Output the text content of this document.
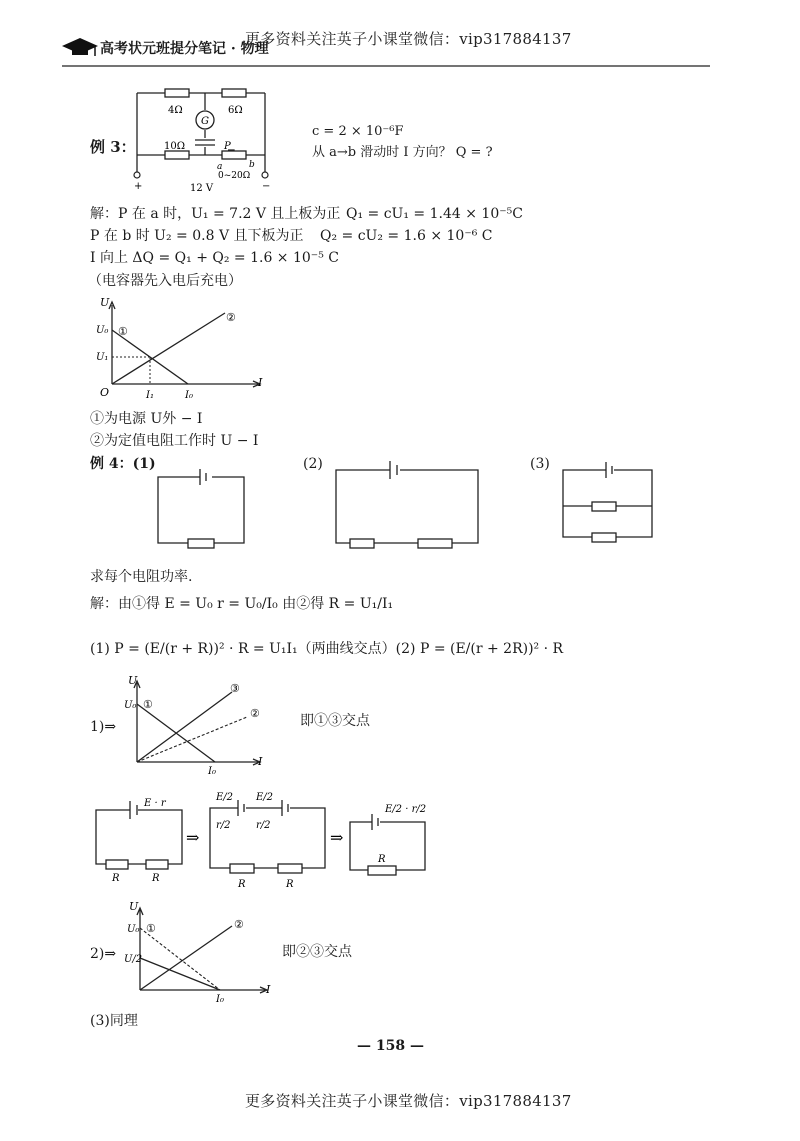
高考状元班提分笔记 · 物理
更多资料关注英子小课堂微信：vip317884137
例 3：
4Ω	6Ω
G
10Ω	P
a	b
0~20Ω
+	−
12 V
c = 2 × 10⁻⁶F
从 a→b 滑动时 I 方向？ Q = ?
解：P 在 a 时，U₁ = 7.2 V 且上板为正 Q₁ = cU₁ = 1.44 × 10⁻⁵C
P 在 b 时 U₂ = 0.8 V 且下板为正 Q₂ = cU₂ = 1.6 × 10⁻⁶ C
I 向上 ΔQ = Q₁ + Q₂ = 1.6 × 10⁻⁵ C
（电容器先入电后充电）
U
I
O
U₀
U₁
I₁	I₀
①
②
①为电源 U外 − I
②为定值电阻工作时 U − I
例 4：(1)	(2)	(3)
求每个电阻功率.
解：由①得 E = U₀ r = U₀/I₀ 由②得 R = U₁/I₁
(1) P = (E/(r + R))² · R = U₁I₁（两曲线交点）(2) P = (E/(r + 2R))² · R
1)⇒
U
I
U₀
I₀
①
②
③
即①③交点
E · r
R	R
⇒
E/2 E/2
r/2	r/2
R	R
⇒
E/2 · r/2
R
2)⇒
U
I
U₀
U/2
I₀
①	②
即②③交点
(3)同理
— 158 —
更多资料关注英子小课堂微信：vip317884137
